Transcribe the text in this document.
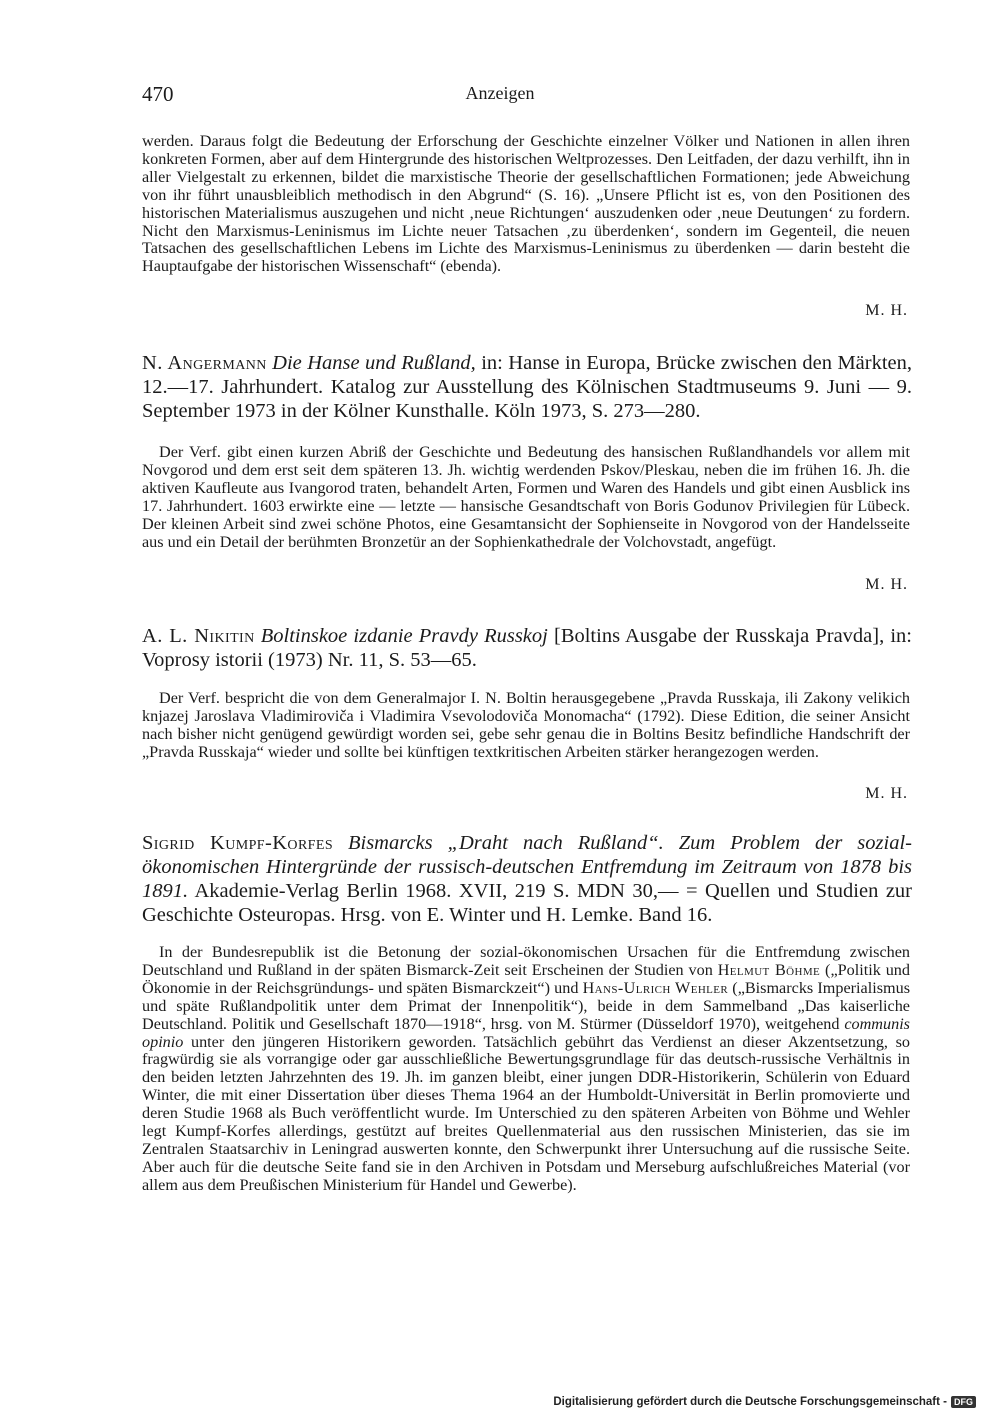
470	Anzeigen
werden. Daraus folgt die Bedeutung der Erforschung der Geschichte einzelner Völker und Nationen in allen ihren konkreten Formen, aber auf dem Hintergrunde des historischen Weltprozesses. Den Leitfaden, der dazu verhilft, ihn in aller Vielgestalt zu erkennen, bildet die marxistische Theorie der gesellschaftlichen Formationen; jede Abweichung von ihr führt unausbleiblich methodisch in den Abgrund“ (S. 16). „Unsere Pflicht ist es, von den Positionen des historischen Materialismus auszugehen und nicht ‚neue Richtungen‘ auszudenken oder ‚neue Deutungen‘ zu fordern. Nicht den Marxismus-Leninismus im Lichte neuer Tatsachen ‚zu überdenken‘, sondern im Gegenteil, die neuen Tatsachen des gesellschaftlichen Lebens im Lichte des Marxismus-Leninismus zu überdenken — darin besteht die Hauptaufgabe der historischen Wissenschaft“ (ebenda).
M. H.
N. Angermann Die Hanse und Rußland, in: Hanse in Europa, Brücke zwischen den Märkten, 12.—17. Jahrhundert. Katalog zur Ausstellung des Kölnischen Stadtmuseums 9. Juni — 9. September 1973 in der Kölner Kunsthalle. Köln 1973, S. 273—280.
Der Verf. gibt einen kurzen Abriß der Geschichte und Bedeutung des hansischen Rußlandhandels vor allem mit Novgorod und dem erst seit dem späteren 13. Jh. wichtig werdenden Pskov/Pleskau, neben die im frühen 16. Jh. die aktiven Kaufleute aus Ivangorod traten, behandelt Arten, Formen und Waren des Handels und gibt einen Ausblick ins 17. Jahrhundert. 1603 erwirkte eine — letzte — hansische Gesandtschaft von Boris Godunov Privilegien für Lübeck. Der kleinen Arbeit sind zwei schöne Photos, eine Gesamtansicht der Sophienseite in Novgorod von der Handelsseite aus und ein Detail der berühmten Bronzetür an der Sophienkathedrale der Volchovstadt, angefügt.
M. H.
A. L. Nikitin Boltinskoe izdanie Pravdy Russkoj [Boltins Ausgabe der Russkaja Pravda], in: Voprosy istorii (1973) Nr. 11, S. 53—65.
Der Verf. bespricht die von dem Generalmajor I. N. Boltin herausgegebene „Pravda Russkaja, ili Zakony velikich knjazej Jaroslava Vladimiroviča i Vladimira Vsevolodoviča Monomacha“ (1792). Diese Edition, die seiner Ansicht nach bisher nicht genügend gewürdigt worden sei, gebe sehr genau die in Boltins Besitz befindliche Handschrift der „Pravda Russkaja“ wieder und sollte bei künftigen textkritischen Arbeiten stärker herangezogen werden.
M. H.
Sigrid Kumpf-Korfes Bismarcks „Draht nach Rußland“. Zum Problem der sozial-ökonomischen Hintergründe der russisch-deutschen Entfremdung im Zeitraum von 1878 bis 1891. Akademie-Verlag Berlin 1968. XVII, 219 S. MDN 30,— = Quellen und Studien zur Geschichte Osteuropas. Hrsg. von E. Winter und H. Lemke. Band 16.
In der Bundesrepublik ist die Betonung der sozial-ökonomischen Ursachen für die Entfremdung zwischen Deutschland und Rußland in der späten Bismarck-Zeit seit Erscheinen der Studien von Helmut Böhme („Politik und Ökonomie in der Reichsgründungs- und späten Bismarckzeit“) und Hans-Ulrich Wehler („Bismarcks Imperialismus und späte Rußlandpolitik unter dem Primat der Innenpolitik“), beide in dem Sammelband „Das kaiserliche Deutschland. Politik und Gesellschaft 1870—1918“, hrsg. von M. Stürmer (Düsseldorf 1970), weitgehend communis opinio unter den jüngeren Historikern geworden. Tatsächlich gebührt das Verdienst an dieser Akzentsetzung, so fragwürdig sie als vorrangige oder gar ausschließliche Bewertungsgrundlage für das deutsch-russische Verhältnis in den beiden letzten Jahrzehnten des 19. Jh. im ganzen bleibt, einer jungen DDR-Historikerin, Schülerin von Eduard Winter, die mit einer Dissertation über dieses Thema 1964 an der Humboldt-Universität in Berlin promovierte und deren Studie 1968 als Buch veröffentlicht wurde. Im Unterschied zu den späteren Arbeiten von Böhme und Wehler legt Kumpf-Korfes allerdings, gestützt auf breites Quellenmaterial aus den russischen Ministerien, das sie im Zentralen Staatsarchiv in Leningrad auswerten konnte, den Schwerpunkt ihrer Untersuchung auf die russische Seite. Aber auch für die deutsche Seite fand sie in den Archiven in Potsdam und Merseburg aufschlußreiches Material (vor allem aus dem Preußischen Ministerium für Handel und Gewerbe).
Digitalisierung gefördert durch die Deutsche Forschungsgemeinschaft - DFG
